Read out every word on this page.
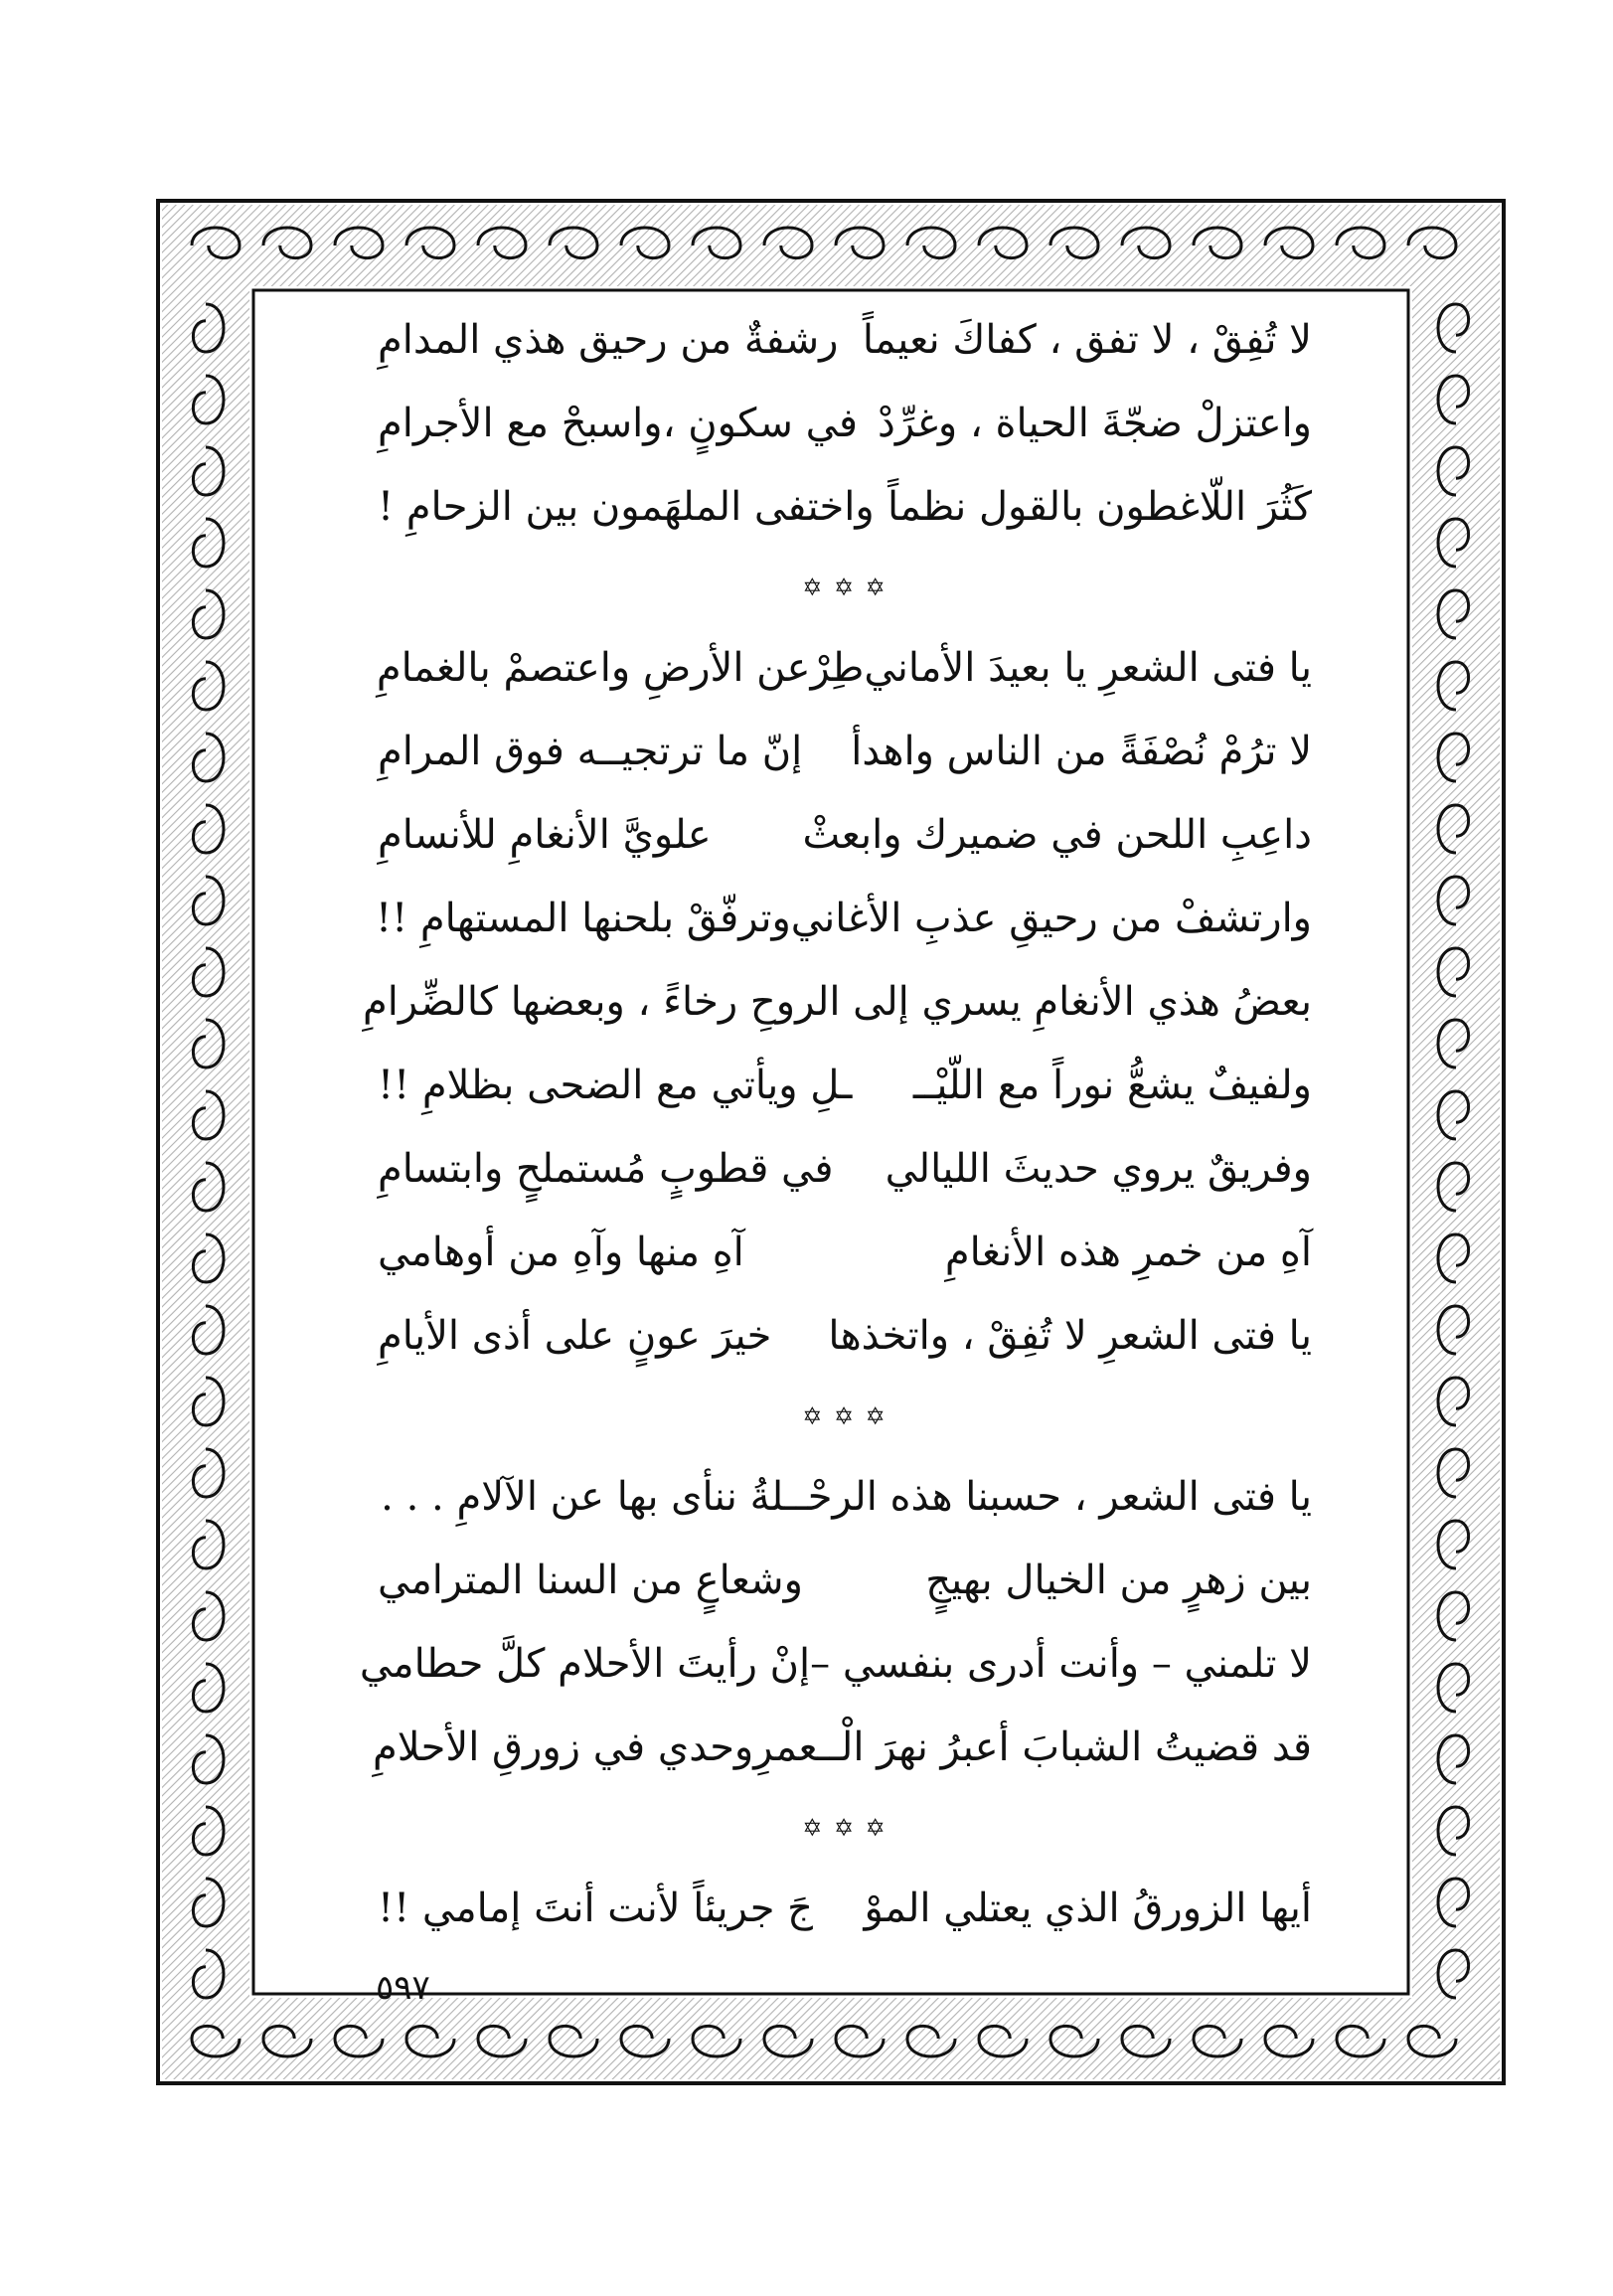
لا تُفِقْ ، لا تفق ، كفاكَ نعيماً
رشفةٌ من رحيق هذي المدامِ
واعتزلْ ضجّةَ الحياة ، وغرِّدْ
في سكونٍ ،واسبحْ مع الأجرامِ
كَثُرَ اللّاغطون بالقول نظماً
واختفى الملهَمون بين الزحامِ !
✡ ✡ ✡
يا فتى الشعرِ يا بعيدَ الأماني
طِرْعن الأرضِ واعتصمْ بالغمامِ
لا ترُمْ نُصْفَةً من الناس واهدأ
إنّ ما ترتجيــه فوق المرامِ
داعِبِ اللحن في ضميرك وابعثْ
علويَّ الأنغامِ للأنسامِ
وارتشفْ من رحيقِ عذبِ الأغاني
وترفّقْ بلحنها المستهامِ !!
بعضُ هذي الأنغامِ يسري إلى الرو
حِ رخاءً ، وبعضها كالضِّرامِ
ولفيفٌ يشعُّ نوراً مع اللّيْــ
ـلِ ويأتي مع الضحى بظلامِ !!
وفريقٌ يروي حديثَ الليالي
في قطوبٍ مُستملحٍ وابتسامِ
آهِ من خمرِ هذه الأنغامِ
آهِ منها وآهِ من أوهامي
يا فتى الشعرِ لا تُفِقْ ، واتخذها
خيرَ عونٍ على أذى الأيامِ
✡ ✡ ✡
يا فتى الشعر ، حسبنا هذه الرحْــلةُ ننأى بها عن الآلامِ . . .
بين زهرٍ من الخيال بهيجٍ
وشعاعٍ من السنا المترامي
لا تلمني – وأنت أدرى بنفسي –
إنْ رأيتَ الأحلام كلَّ حطامي
قد قضيتُ الشبابَ أعبرُ نهرَ الْــعمرِ
وحدي في زورقِ الأحلامِ
✡ ✡ ✡
أيها الزورقُ الذي يعتلي الموْ
جَ جريئاً لأنت أنتَ إمامي !!
٥٩٧
